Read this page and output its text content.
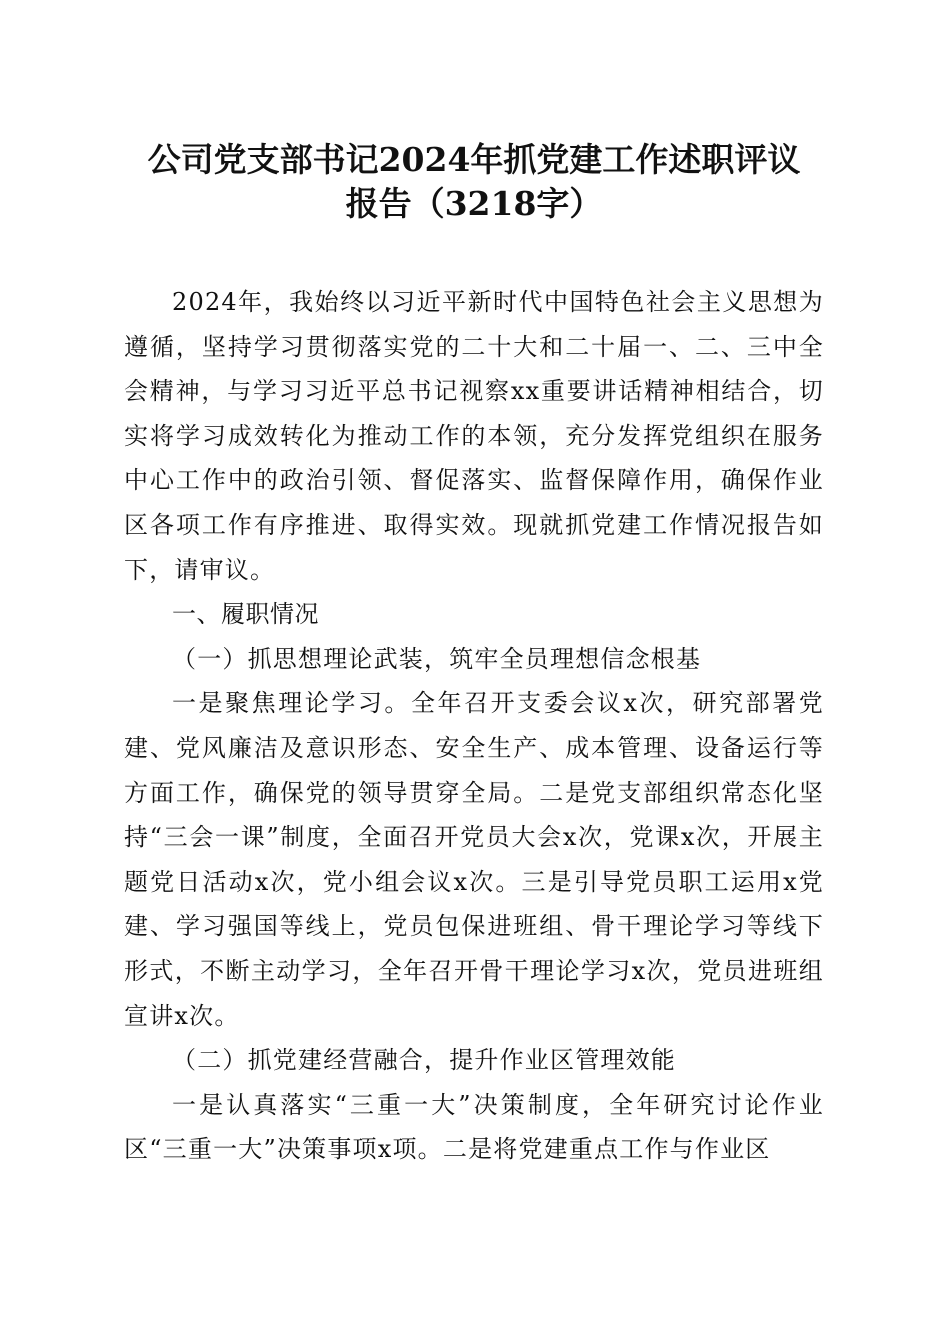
公司党支部书记2024年抓党建工作述职评议
报告（3218字）

2024年，我始终以习近平新时代中国特色社会主义思想为遵循，坚持学习贯彻落实党的二十大和二十届一、二、三中全会精神，与学习习近平总书记视察xx重要讲话精神相结合，切实将学习成效转化为推动工作的本领，充分发挥党组织在服务中心工作中的政治引领、督促落实、监督保障作用，确保作业区各项工作有序推进、取得实效。现就抓党建工作情况报告如下，请审议。

一、履职情况

（一）抓思想理论武装，筑牢全员理想信念根基

一是聚焦理论学习。全年召开支委会议x次，研究部署党建、党风廉洁及意识形态、安全生产、成本管理、设备运行等方面工作，确保党的领导贯穿全局。二是党支部组织常态化坚持“三会一课”制度，全面召开党员大会x次，党课x次，开展主题党日活动x次，党小组会议x次。三是引导党员职工运用x党建、学习强国等线上，党员包保进班组、骨干理论学习等线下形式，不断主动学习，全年召开骨干理论学习x次，党员进班组宣讲x次。

（二）抓党建经营融合，提升作业区管理效能

一是认真落实“三重一大”决策制度，全年研究讨论作业区“三重一大”决策事项x项。二是将党建重点工作与作业区
